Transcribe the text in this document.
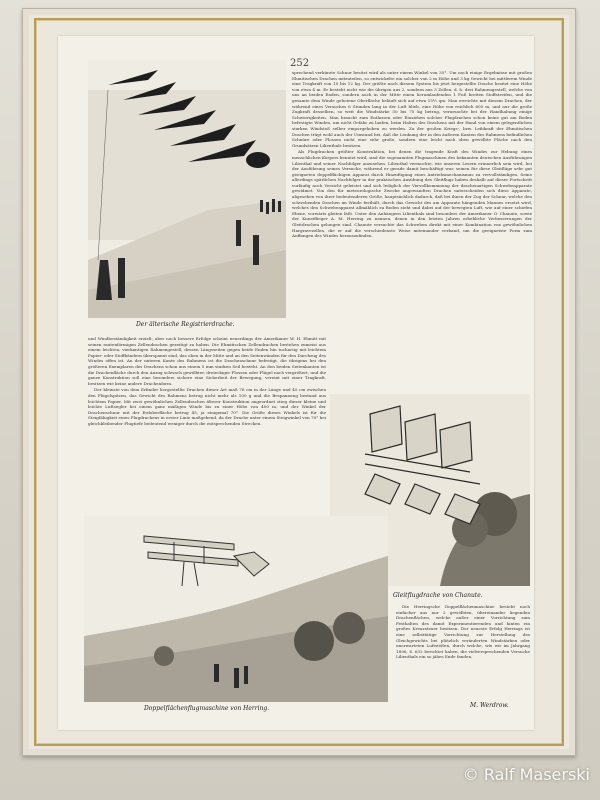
252
Der älterische Registrierdrache.

sprechend verkürzte Schnur besitzt wird als unter einem Winkel von 35°. Um noch einige Ergebnisse mit großen Ehmitischen Drachen mitzuteilen, so entwickelte ein solcher von 2 m Höhe und 3 kg Gewicht bei mittlerem Winde eine Tragkraft von 10 bis 12 kg. Der größte nach diesem System bis jetzt hergestellte Drache besitzt eine Höhe von etwa 4 m. Er besteht nicht wie die übrigen aus 2, sondern aus 3 Zellen, d. h. drei Rahmengestell, welche von uns an beiden Enden, sondern auch in der Mitte einen herumlaufenden 1 Fuß breiten Stoffstreifen, und die gesamte dem Winde gebotene Oberfläche beläuft sich auf etwa 15½ qm. Man erreichte mit diesem Drachen, der während eines Versuches 6 Stunden lang in der Luft blieb, eine Höhe von reichlich 600 m, und nur die große Zugkraft desselben, so weit die Windstärke 50 bis 75 kg betrug, verursachte bei der Handhabung einige Schwierigkeiten. Man braucht zum Entlassen oder Einziehen solcher Flugdrachen schon keine gut am Boden befestigte Winden, um nicht Gefahr zu laufen, beim Halten des Drachens mit der Hand von einem gelegentlichen starken Windstoß selber emporgehoben zu werden. Zu der großen Kriegs-, bzw. Leibkraft der Ehmitischen Drachen trägt wohl auch der Umstand bei, daß die Lenkung der in den äußeren Kanten des Rahmens befindlichen Schnüre oder Flossen nicht eine sehr große, sondern eine leicht nach oben gewölbte Fläche nach den Grundsätzen Lilienthals besitzen.

Als Flugdrachen größter Konstruktion, bei denen die tragende Kraft des Windes zur Hebung eines menschlichen Körpers benutzt wird, sind die sogenannten Flugmaschinen des bekannten deutschen Ausführungen Lilienthal und seiner Nachfolger anzusehen. Lilienthal vermochte, wie unseren Lesern erinnerlich sein wird, bei der Ausführung seines Versuche, während er gerade damit beschäftigt war, seinen für diese Gleitflüge sehr gut geeigneten doppelflächigen Apparat durch Hinzufügung eines Antriebsmechanismus zu vervollständigen. Seine allerdings spärlichen Nachfolger in der praktischen Ausübung des Gleitflugs haben deshalb auf dieser Fortschritt vorläufig noch Verzicht geleistet und sich lediglich der Vervollkommnung der drachenartigen Schwebeapparate gewidmet. Von den für meteorologische Zwecke angewandten Drachen unterscheiden sich diese Apparate, abgesehen von ihrer bedeutenderen Größe, hauptsächlich dadurch, daß bei ihnen der Zug der Schnur, welche den schwebenden Drachen im Winde festhält, durch das Gewicht des am Apparate hängenden Mannes ersetzt wird, welches den Schwebeapparat allmählich zu Boden zieht und dabei auf der bewegten Luft, wie auf einer schiefen Ebene, vorwärts gleiten läßt. Unter den Anhängern Lilienthals sind besonders der Amerikaner O. Chanute, sowie der Kunstflieger A. M. Herring zu nennen, denen in den letzten Jahren erhebliche Verbesserungen der Gleitdrachen gelungen sind. Chanute versuchte das Schweben direkt mit einer Kombination von gewöhnlichen Hargravezellen, die er auf die verschiedenste Weise miteinander verband, um die geeignetste Form zum Auffangen des Windes herauszufinden.

und Windbeständigkeit erzielt; aber noch bessere Erfolge scheint neuerdings der Amerikaner W. H. Ehmitt mit seinen rautenförmigen Zellendrachen gezeitigt zu haben. Die Ehmitischen Zellendrachen bestehen zumeist aus einem leichten, vierkantigen Rahmengestell, dessen Längsseiten gegen beide Enden hin tuchartig mit leichtem Papier- oder Stoffbändern überspannt sind, das oben in der Mitte und an den Seitenwänden für den Durchzug des Windes offen ist. An der unteren Kante des Rahmens ist die Drachenschnur befestigt, die übrigens bei den größeren Exemplaren des Drachens schon aus einem 5 mm starken Seil besteht. An den beiden Seitenkanten ist die Drachenfläche durch den Anzug schwach gewölbter, dreieckiger Flossen oder Flügel nach vergrößert, und die ganze Konstruktion soll eine besonders sichere eine Sicherheit der Bewegung, vereint mit einer Tragkraft, besitzen wie keine andere Drachenform.

Der kleinste von dem Erfinder hergestellte Drachen dieser Art maß 76 cm in der Länge und 45 cm zwischen den Flügelspitzen, das Gewicht des Rahmens betrug nicht mehr als 100 g und die Bespannung bestand aus leichtem Papier. Mit zwei gewöhnlichen Zellendrachen älterer Konstruktion angeordnet stieg dieser kleine und leichte Luftsegler bei einem ganz mäßigen Winde bis zu einer Höhe von 400 m, und der Winkel der Drachenschnur mit der Erdoberfläche betrug 45, ja einigemal 70°. Die Größe dieses Winkels ist für die Steigfähigkeit eines Flugdrachens in erster Linie maßgebend, da der Drache unter einem Steigwinkel von 70° bei gleichbleibender Flugtiefe bedeutend weniger durch die entsprechenden Strecken.

Gleitflugdrache von Chanute.
Doppelflächenflugmaschine von Herring.

Die Herringsche Doppelflächenmaschine besteht noch einfacher aus nur 2 gewölbten, übereinander liegenden Drachenflächen, welche außer einer Vorrichtung zum Festhalten des damit Experimentierenden und hinten ein großes Kreuzsteuer besitzen. Der neueste Erfolg Herrings ist eine selbsttätige Vorrichtung zur Herstellung des Gleichgewichts bei plötzlich veränderten Windstärken oder unerwarteten Luftstößen, durch welche, wie wir im Jahrgang 1896, S. 632 berichtet haben, die vielversprechenden Versuche Lilienthals ein so jähes Ende fanden.

M. Werdrow.
© Ralf Maserski
